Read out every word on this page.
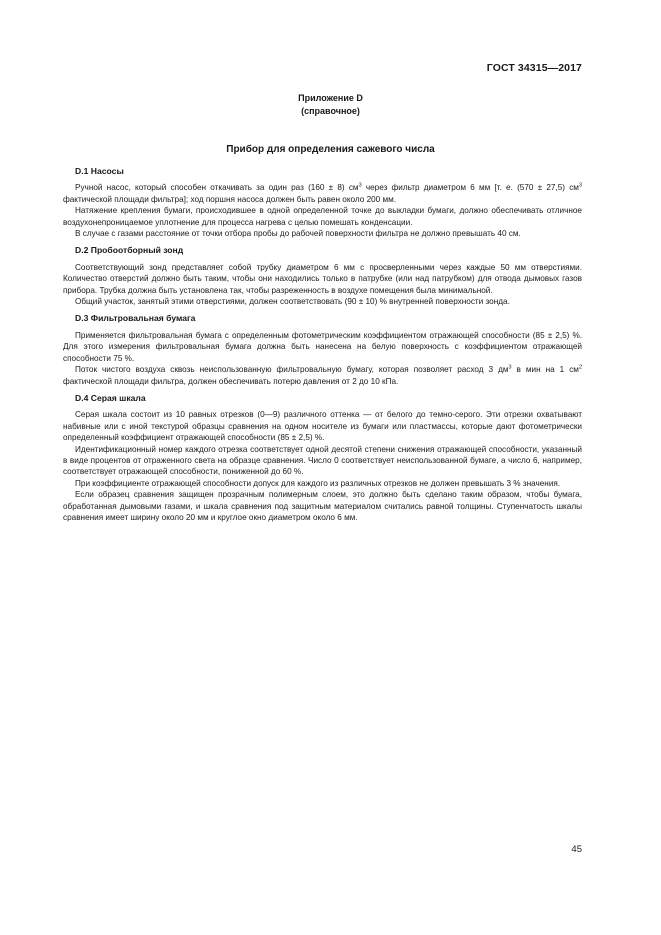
ГОСТ 34315—2017
Приложение D
(справочное)
Прибор для определения сажевого числа
D.1 Насосы

Ручной насос, который способен откачивать за один раз (160 ± 8) $см^3$ через фильтр диаметром 6 мм [т. е. (570 ± 27,5) $см^3$ фактической площади фильтра]; ход поршня насоса должен быть равен около 200 мм.

Натяжение крепления бумаги, происходившее в одной определенной точке до выкладки бумаги, должно обеспечивать отличное воздухонепроницаемое уплотнение для процесса нагрева с целью помешать конденсации.

В случае с газами расстояние от точки отбора пробы до рабочей поверхности фильтра не должно превышать 40 см.

D.2 Пробоотборный зонд

Соответствующий зонд представляет собой трубку диаметром 6 мм с просверленными через каждые 50 мм отверстиями. Количество отверстий должно быть таким, чтобы они находились только в патрубке (или над патрубком) для отвода дымовых газов прибора. Трубка должна быть установлена так, чтобы разреженность в воздухе помещения была минимальной.

Общий участок, занятый этими отверстиями, должен соответствовать (90 ± 10) % внутренней поверхности зонда.

D.3 Фильтровальная бумага

Применяется фильтровальная бумага с определенным фотометрическим коэффициентом отражающей способности (85 ± 2,5) %. Для этого измерения фильтровальная бумага должна быть нанесена на белую поверхность с коэффициентом отражающей способности 75 %.

Поток чистого воздуха сквозь неиспользованную фильтровальную бумагу, которая позволяет расход 3 $дм^3$ в мин на 1 $см^2$ фактической площади фильтра, должен обеспечивать потерю давления от 2 до 10 кПа.

D.4 Серая шкала

Серая шкала состоит из 10 равных отрезков (0—9) различного оттенка — от белого до темно-серого. Эти отрезки охватывают набивные или с иной текстурой образцы сравнения на одном носителе из бумаги или пластмассы, которые дают фотометрически определенный коэффициент отражающей способности (85 ± 2,5) %.

Идентификационный номер каждого отрезка соответствует одной десятой степени снижения отражающей способности, указанный в виде процентов от отраженного света на образце сравнения. Число 0 соответствует неиспользованной бумаге, а число 6, например, соответствует отражающей способности, пониженной до 60 %.

При коэффициенте отражающей способности допуск для каждого из различных отрезков не должен превышать 3 % значения.

Если образец сравнения защищен прозрачным полимерным слоем, это должно быть сделано таким образом, чтобы бумага, обработанная дымовыми газами, и шкала сравнения под защитным материалом считались равной толщины. Ступенчатость шкалы сравнения имеет ширину около 20 мм и круглое окно диаметром около 6 мм.

45
